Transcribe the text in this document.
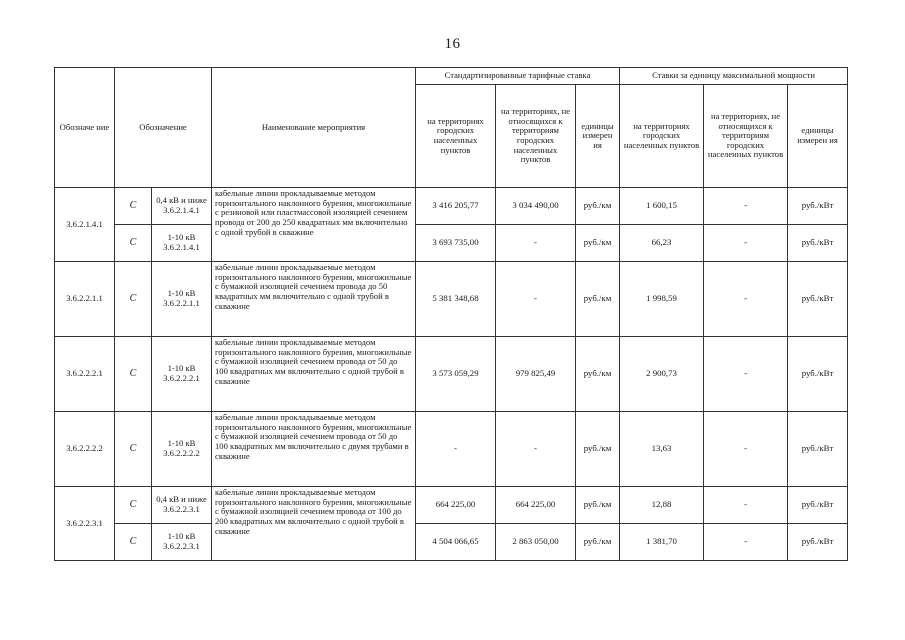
16
Обозначе ние	Обозначение		Наименование мероприятия	Стандартизированные тарифные ставка			Ставки за единицу максимальной мощности		
				на территориях городских населенных пунктов	на территориях, не относящихся к территориям городских населенных пунктов	единицы измерен ия	на территориях городских населенных пунктов	на территориях, не относящихся к территориям городских населенных пунктов	единицы измерен ия
3.6.2.1.4.1	С	0,4 кВ и ниже 3.6.2.1.4.1	кабельные линии прокладываемые методом горизонтального наклонного бурения, многожильные с резиновой или пластмассовой изоляцией сечением провода от 200 до 250 квадратных мм включительно с одной трубой в скважине	3 416 205,77	3 034 490,00	руб./км	1 600,15	-	руб./кВт
	С	1-10 кВ 3.6.2.1.4.1		3 693 735,00	-	руб./км	66,23	-	руб./кВт
3.6.2.2.1.1	С	1-10 кВ 3.6.2.2.1.1	кабельные линии прокладываемые методом горизонтального наклонного бурения, многожильные с бумажной изоляцией сечением провода до 50 квадратных мм включительно с одной трубой в скважине	5 381 348,68	-	руб./км	1 998,59	-	руб./кВт
3.6.2.2.2.1	С	1-10 кВ 3.6.2.2.2.1	кабельные линии прокладываемые методом горизонтального наклонного бурения, многожильные с бумажной изоляцией сечением провода от 50 до 100 квадратных мм включительно с одной трубой в скважине	3 573 059,29	979 825,49	руб./км	2 900,73	-	руб./кВт
3.6.2.2.2.2	С	1-10 кВ 3.6.2.2.2.2	кабельные линии прокладываемые методом горизонтального наклонного бурения, многожильные с бумажной изоляцией сечением провода от 50 до 100 квадратных мм включительно с двумя трубами в скважине	-	-	руб./км	13,63	-	руб./кВт
3.6.2.2.3.1	С	0,4 кВ и ниже 3.6.2.2.3.1	кабельные линии прокладываемые методом горизонтального наклонного бурения, многожильные с бумажной изоляцией сечением провода от 100 до 200 квадратных мм включительно с одной трубой в скважине	664 225,00	664 225,00	руб./км	12,88	-	руб./кВт
	С	1-10 кВ 3.6.2.2.3.1		4 504 066,65	2 863 050,00	руб./км	1 381,70	-	руб./кВт
